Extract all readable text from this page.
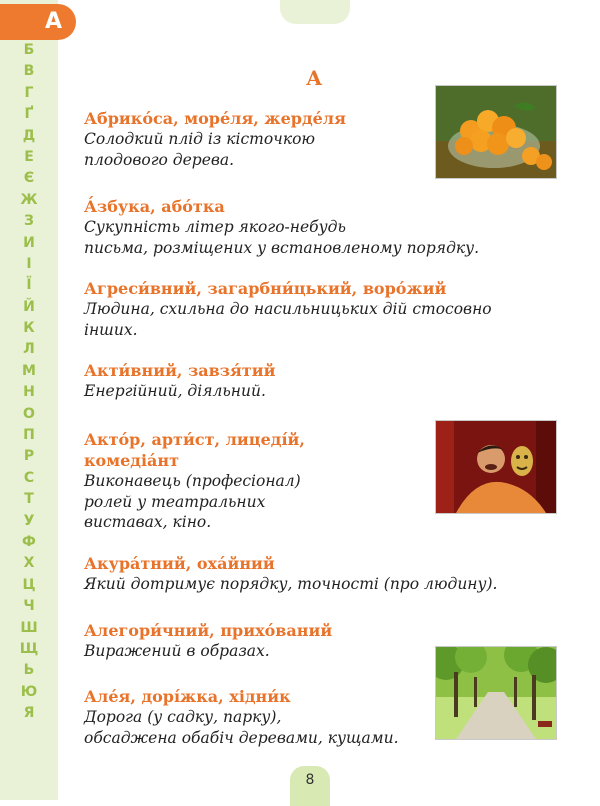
А
Б
В
Г
Ґ
Д
Е
Є
Ж
З
И
І
Ї
Й
К
Л
М
Н
О
П
Р
С
Т
У
Ф
Х
Ц
Ч
Ш
Щ
Ь
Ю
Я
А
Абрико́са, море́ля, жерде́ля
Солодкий плід із кісточкою
плодового дерева.
А́збука, або́тка
Сукупність літер якого-небудь
письма, розміщених у встановленому порядку.
Агреси́вний, загарбни́цький, воро́жий
Людина, схильна до насильницьких дій стосовно
інших.
Акти́вний, завзя́тий
Енергійний, діяльний.
Акто́р, арти́ст, лицеді́й,
комедіа́нт
Виконавець (професіонал)
ролей у театральних
виставах, кіно.
Акура́тний, оха́йний
Який дотримує порядку, точності (про людину).
Алегори́чний, прихо́ваний
Виражений в образах.
Але́я, дорі́жка, хідни́к
Дорога (у садку, парку),
обсаджена обабіч деревами, кущами.
8
